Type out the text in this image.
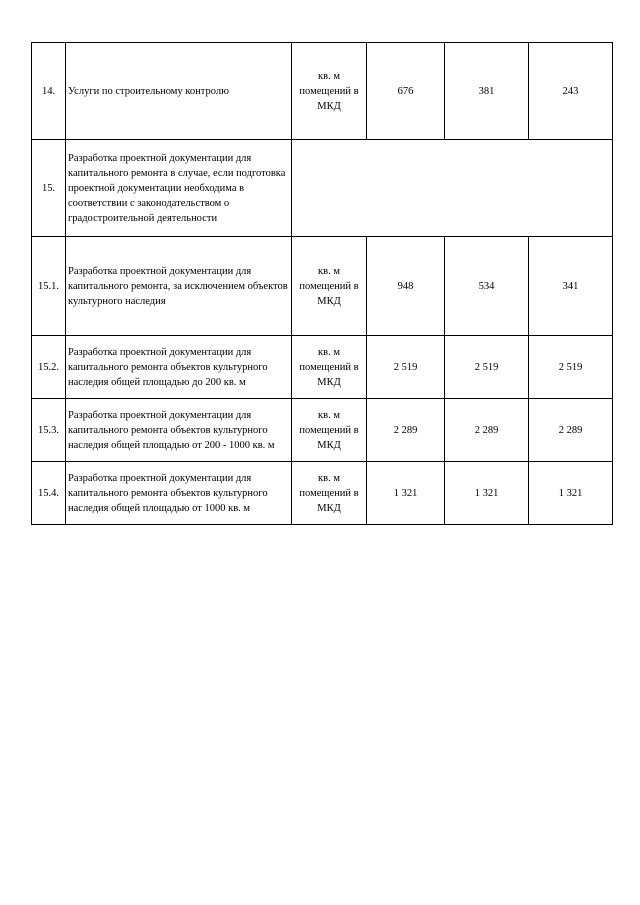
14.	Услуги по строительному контролю	кв. м помещений в МКД	676	381	243
15.	Разработка проектной документации для капитального ремонта в случае, если подготовка проектной документации необходима в соответствии с законодательством о градостроительной деятельности				
15.1.	Разработка проектной документации для капитального ремонта, за исключением объектов культурного наследия	кв. м помещений в МКД	948	534	341
15.2.	Разработка проектной документации для капитального ремонта объектов культурного наследия общей площадью до 200 кв. м	кв. м помещений в МКД	2 519	2 519	2 519
15.3.	Разработка проектной документации для капитального ремонта объектов культурного наследия общей площадью от 200 - 1000 кв. м	кв. м помещений в МКД	2 289	2 289	2 289
15.4.	Разработка проектной документации для капитального ремонта объектов культурного наследия общей площадью от 1000 кв. м	кв. м помещений в МКД	1 321	1 321	1 321
